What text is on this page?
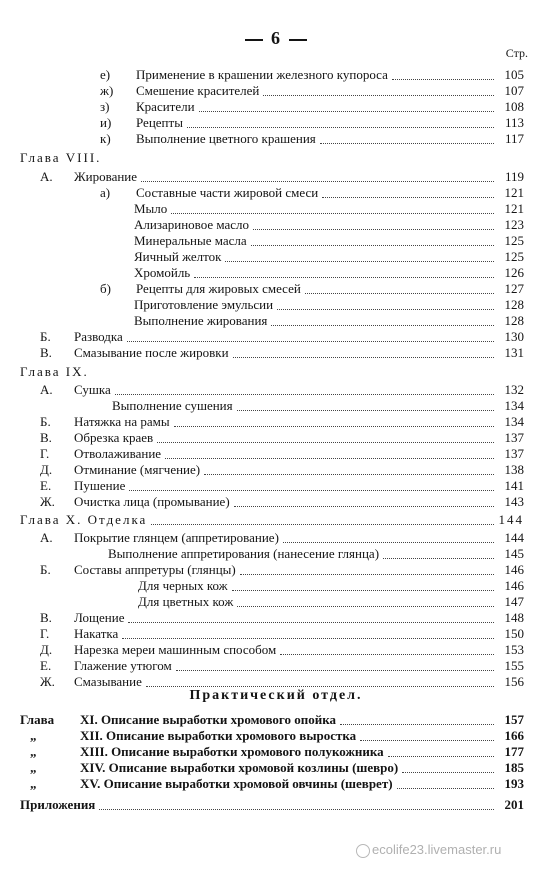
6
Стр.
е)	Применение в крашении железного купороса	105
ж)	Смешение красителей	107
з)	Красители	108
и)	Рецепты	113
к)	Выполнение цветного крашения	117
Глава VIII.
А.	Жирование	119
а)	Составные части жировой смеси	121
Мыло	121
Ализариновое масло	123
Минеральные масла	125
Яичный желток	125
Хромойль	126
б)	Рецепты для жировых смесей	127
Приготовление эмульсии	128
Выполнение жирования	128
Б.	Разводка	130
В.	Смазывание после жировки	131
Глава IX.
А.	Сушка	132
Выполнение сушения	134
Б.	Натяжка на рамы	134
В.	Обрезка краев	137
Г.	Отволаживание	137
Д.	Отминание (мягчение)	138
Е.	Пушение	141
Ж.	Очистка лица (промывание)	143
Глава X. Отделка	144
А.	Покрытие глянцем (аппретирование)	144
Выполнение аппретирования (нанесение глянца)	145
Б.	Составы аппретуры (глянцы)	146
Для черных кож	146
Для цветных кож	147
В.	Лощение	148
Г.	Накатка	150
Д.	Нарезка мереи машинным способом	153
Е.	Глажение утюгом	155
Ж.	Смазывание	156
Практический отдел.
Глава	XI. Описание выработки хромового опойка	157
„	XII. Описание выработки хромового выростка	166
„	XIII. Описание выработки хромового полукожника	177
„	XIV. Описание выработки хромовой козлины (шевро)	185
„	XV. Описание выработки хромовой овчины (шеврет)	193
Приложения	201
ecolife23.livemaster.ru
